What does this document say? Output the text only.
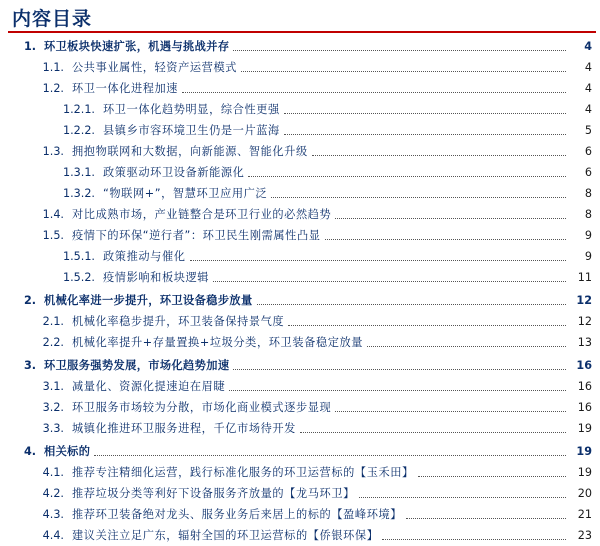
内容目录
1. 环卫板块快速扩张，机遇与挑战并存	4
1.1. 公共事业属性，轻资产运营模式	4
1.2. 环卫一体化进程加速	4
1.2.1. 环卫一体化趋势明显，综合性更强	4
1.2.2. 县镇乡市容环境卫生仍是一片蓝海	5
1.3. 拥抱物联网和大数据，向新能源、智能化升级	6
1.3.1. 政策驱动环卫设备新能源化	6
1.3.2. “物联网+”，智慧环卫应用广泛	8
1.4. 对比成熟市场，产业链整合是环卫行业的必然趋势	8
1.5. 疫情下的环保“逆行者”：环卫民生刚需属性凸显	9
1.5.1. 政策推动与催化	9
1.5.2. 疫情影响和板块逻辑	11
2. 机械化率进一步提升，环卫设备稳步放量	12
2.1. 机械化率稳步提升，环卫装备保持景气度	12
2.2. 机械化率提升+存量置换+垃圾分类，环卫装备稳定放量	13
3. 环卫服务强势发展，市场化趋势加速	16
3.1. 减量化、资源化提速迫在眉睫	16
3.2. 环卫服务市场较为分散，市场化商业模式逐步显现	16
3.3. 城镇化推进环卫服务进程，千亿市场待开发	19
4. 相关标的	19
4.1. 推荐专注精细化运营，践行标准化服务的环卫运营标的【玉禾田】	19
4.2. 推荐垃圾分类等利好下设备服务齐放量的【龙马环卫】	20
4.3. 推荐环卫装备绝对龙头、服务业务后来居上的标的【盈峰环境】	21
4.4. 建议关注立足广东，辐射全国的环卫运营标的【侨银环保】	23
